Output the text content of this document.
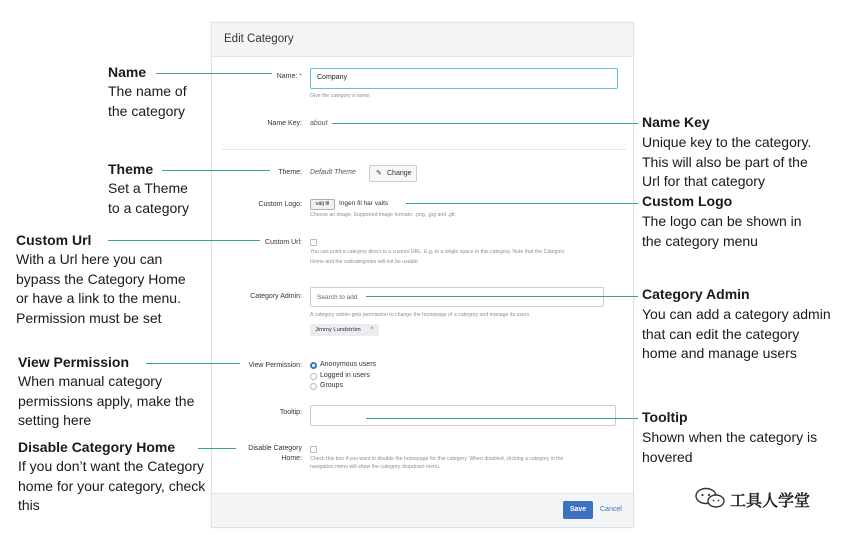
Edit Category
Name: * Company
Give the category a name.
Name Key: about
Theme: Default Theme	✎ Change
Custom Logo:	välj fil	Ingen fil har valts
Choose an image. Supported image formats: .png, .jpg and .gif.
Custom Url:
You can point a category direct to a custom URL. E.g. to a single space in this category. Note that the Category
Home and the subcategories will not be usable.
Category Admin: Search to add
A category admin gets permission to change the homepage of a category and manage its users.
Jimmy Lundström ×
View Permission:	Anonymous users
Logged in users
Groups
Tooltip:
Disable Category
Home: Check this box if you want to disable the homepage for this category. When disabled, clicking a category in the
navigation menu will show the category dropdown menu.
Save	Cancel
Name
The name of
the category
Theme
Set a Theme
to a category
Custom Url
With a Url here you can
bypass the Category Home
or have a link to the menu.
Permission must be set
View Permission
When manual category
permissions apply, make the
setting here
Disable Category Home
If you don’t want the Category
home for your category, check
this
Name Key
Unique key to the category.
This will also be part of the
Url for that category
Custom Logo
The logo can be shown in
the category menu
Category Admin
You can add a category admin
that can edit the category
home and manage users
Tooltip
Shown when the category is
hovered
工具人学堂
